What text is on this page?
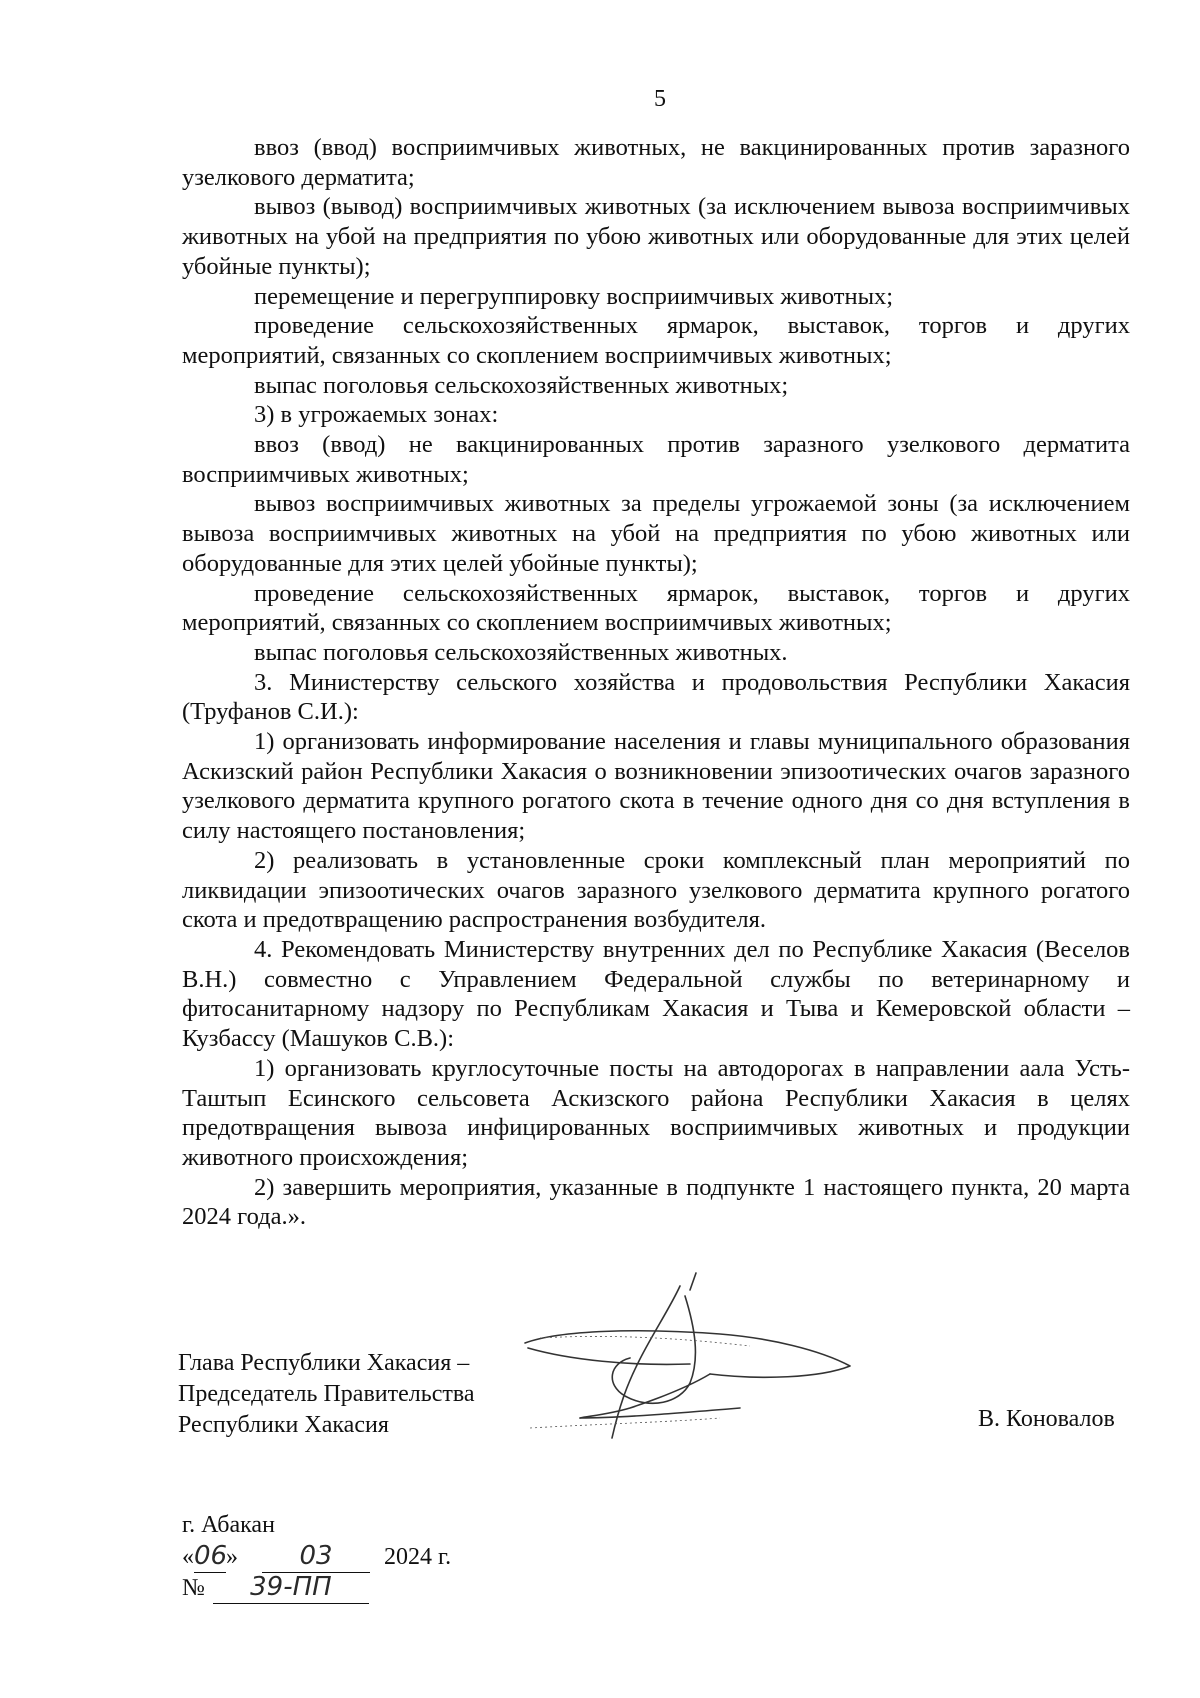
5

ввоз (ввод) восприимчивых животных, не вакцинированных против заразного узелкового дерматита;

вывоз (вывод) восприимчивых животных (за исключением вывоза восприимчивых животных на убой на предприятия по убою животных или оборудованные для этих целей убойные пункты);

перемещение и перегруппировку восприимчивых животных;

проведение сельскохозяйственных ярмарок, выставок, торгов и других мероприятий, связанных со скоплением восприимчивых животных;

выпас поголовья сельскохозяйственных животных;

3) в угрожаемых зонах:

ввоз (ввод) не вакцинированных против заразного узелкового дерматита восприимчивых животных;

вывоз восприимчивых животных за пределы угрожаемой зоны (за исключением вывоза восприимчивых животных на убой на предприятия по убою животных или оборудованные для этих целей убойные пункты);

проведение сельскохозяйственных ярмарок, выставок, торгов и других мероприятий, связанных со скоплением восприимчивых животных;

выпас поголовья сельскохозяйственных животных.

3. Министерству сельского хозяйства и продовольствия Республики Хакасия (Труфанов С.И.):

1) организовать информирование населения и главы муниципального образования Аскизский район Республики Хакасия о возникновении эпизоотических очагов заразного узелкового дерматита крупного рогатого скота в течение одного дня со дня вступления в силу настоящего постановления;

2) реализовать в установленные сроки комплексный план мероприятий по ликвидации эпизоотических очагов заразного узелкового дерматита крупного рогатого скота и предотвращению распространения возбудителя.

4. Рекомендовать Министерству внутренних дел по Республике Хакасия (Веселов В.Н.) совместно с Управлением Федеральной службы по ветеринарному и фитосанитарному надзору по Республикам Хакасия и Тыва и Кемеровской области – Кузбассу (Машуков С.В.):

1) организовать круглосуточные посты на автодорогах в направлении аала Усть-Таштып Есинского сельсовета Аскизского района Республики Хакасия в целях предотвращения вывоза инфицированных восприимчивых животных и продукции животного происхождения;

2) завершить мероприятия, указанные в подпункте 1 настоящего пункта, 20 марта 2024 года.».

Глава Республики Хакасия –
Председатель Правительства
Республики Хакасия	В. Коновалов
г. Абакан
«06» 03 2024 г.
№ 39-ПП
